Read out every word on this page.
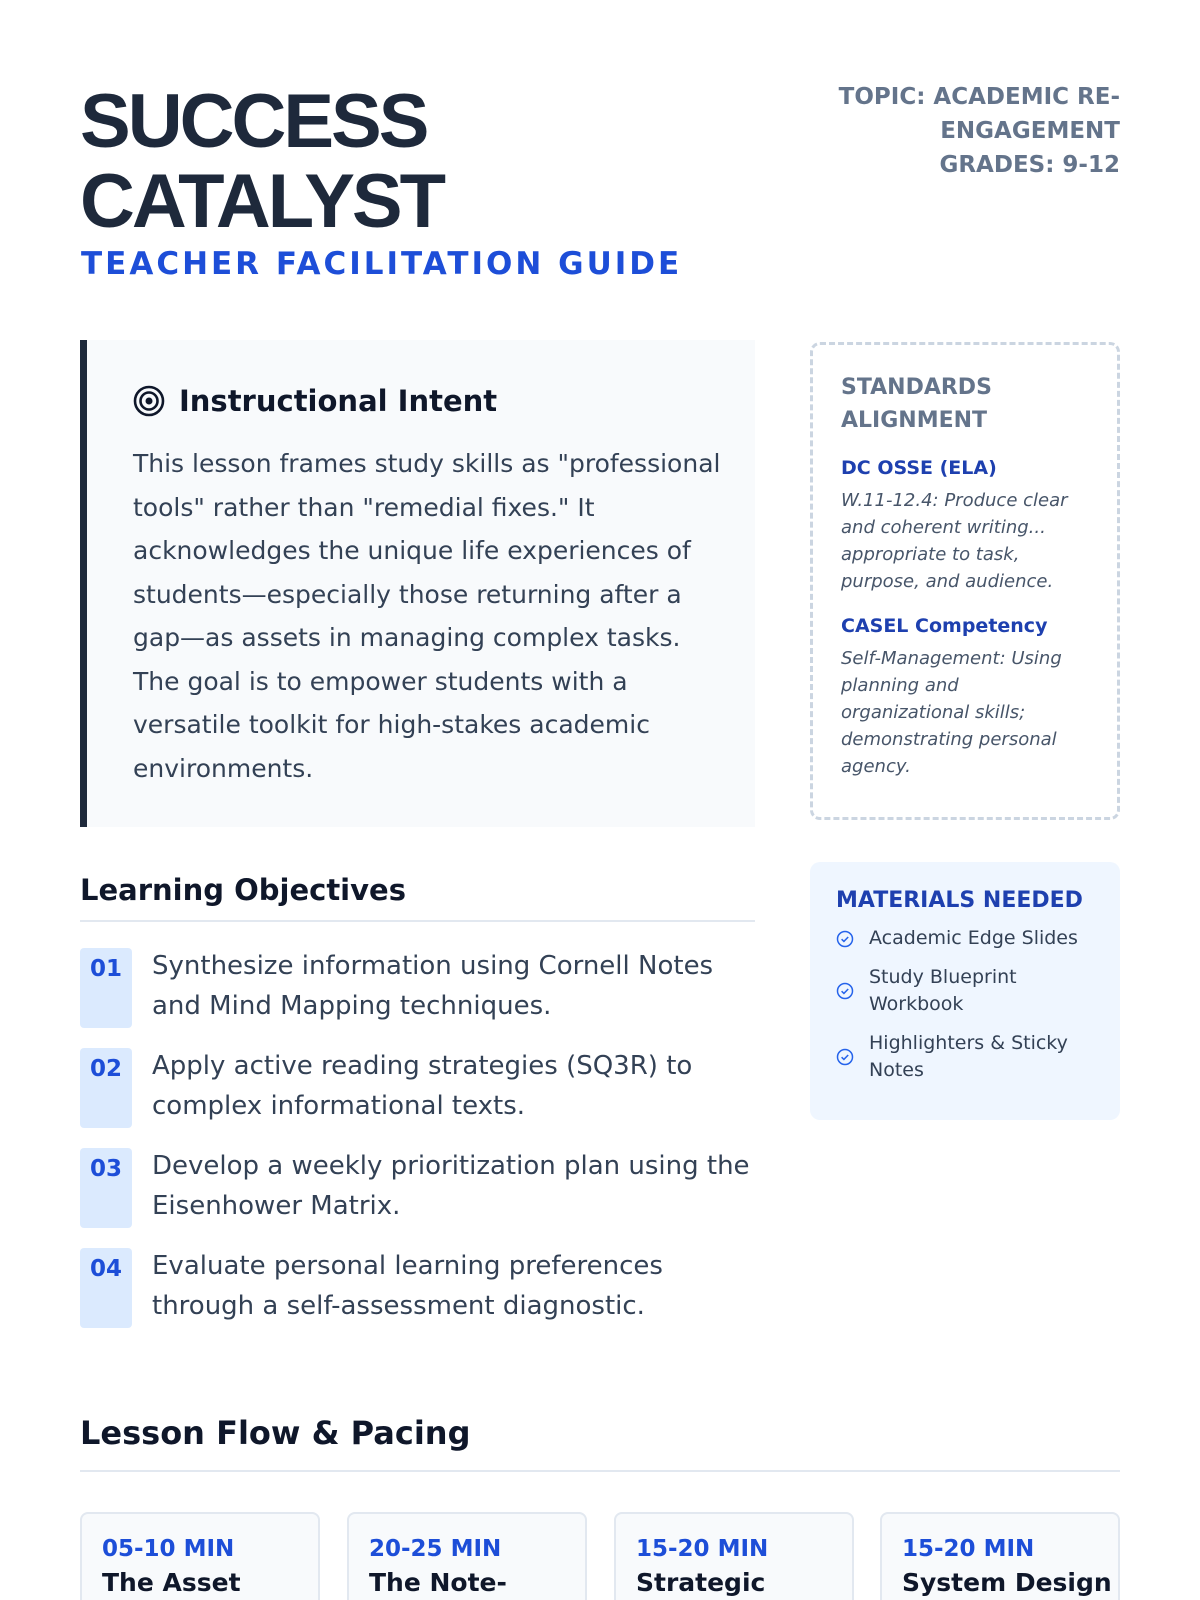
SUCCESS
CATALYST
TEACHER FACILITATION GUIDE
TOPIC: ACADEMIC RE-
ENGAGEMENT
GRADES: 9-12
Instructional Intent
This lesson frames study skills as "professional tools" rather than "remedial fixes." It acknowledges the unique life experiences of students—especially those returning after a gap—as assets in managing complex tasks. The goal is to empower students with a versatile toolkit for high-stakes academic environments.
STANDARDS ALIGNMENT
DC OSSE (ELA)
W.11-12.4: Produce clear and coherent writing... appropriate to task, purpose, and audience.
CASEL Competency
Self-Management: Using planning and organizational skills; demonstrating personal agency.
MATERIALS NEEDED
Academic Edge Slides
Study Blueprint Workbook
Highlighters & Sticky Notes
Learning Objectives
01	Synthesize information using Cornell Notes and Mind Mapping techniques.
02	Apply active reading strategies (SQ3R) to complex informational texts.
03	Develop a weekly prioritization plan using the Eisenhower Matrix.
04	Evaluate personal learning preferences through a self-assessment diagnostic.
Lesson Flow & Pacing
05-10 MIN
The Asset
20-25 MIN
The Note-
15-20 MIN
Strategic
15-20 MIN
System Design
